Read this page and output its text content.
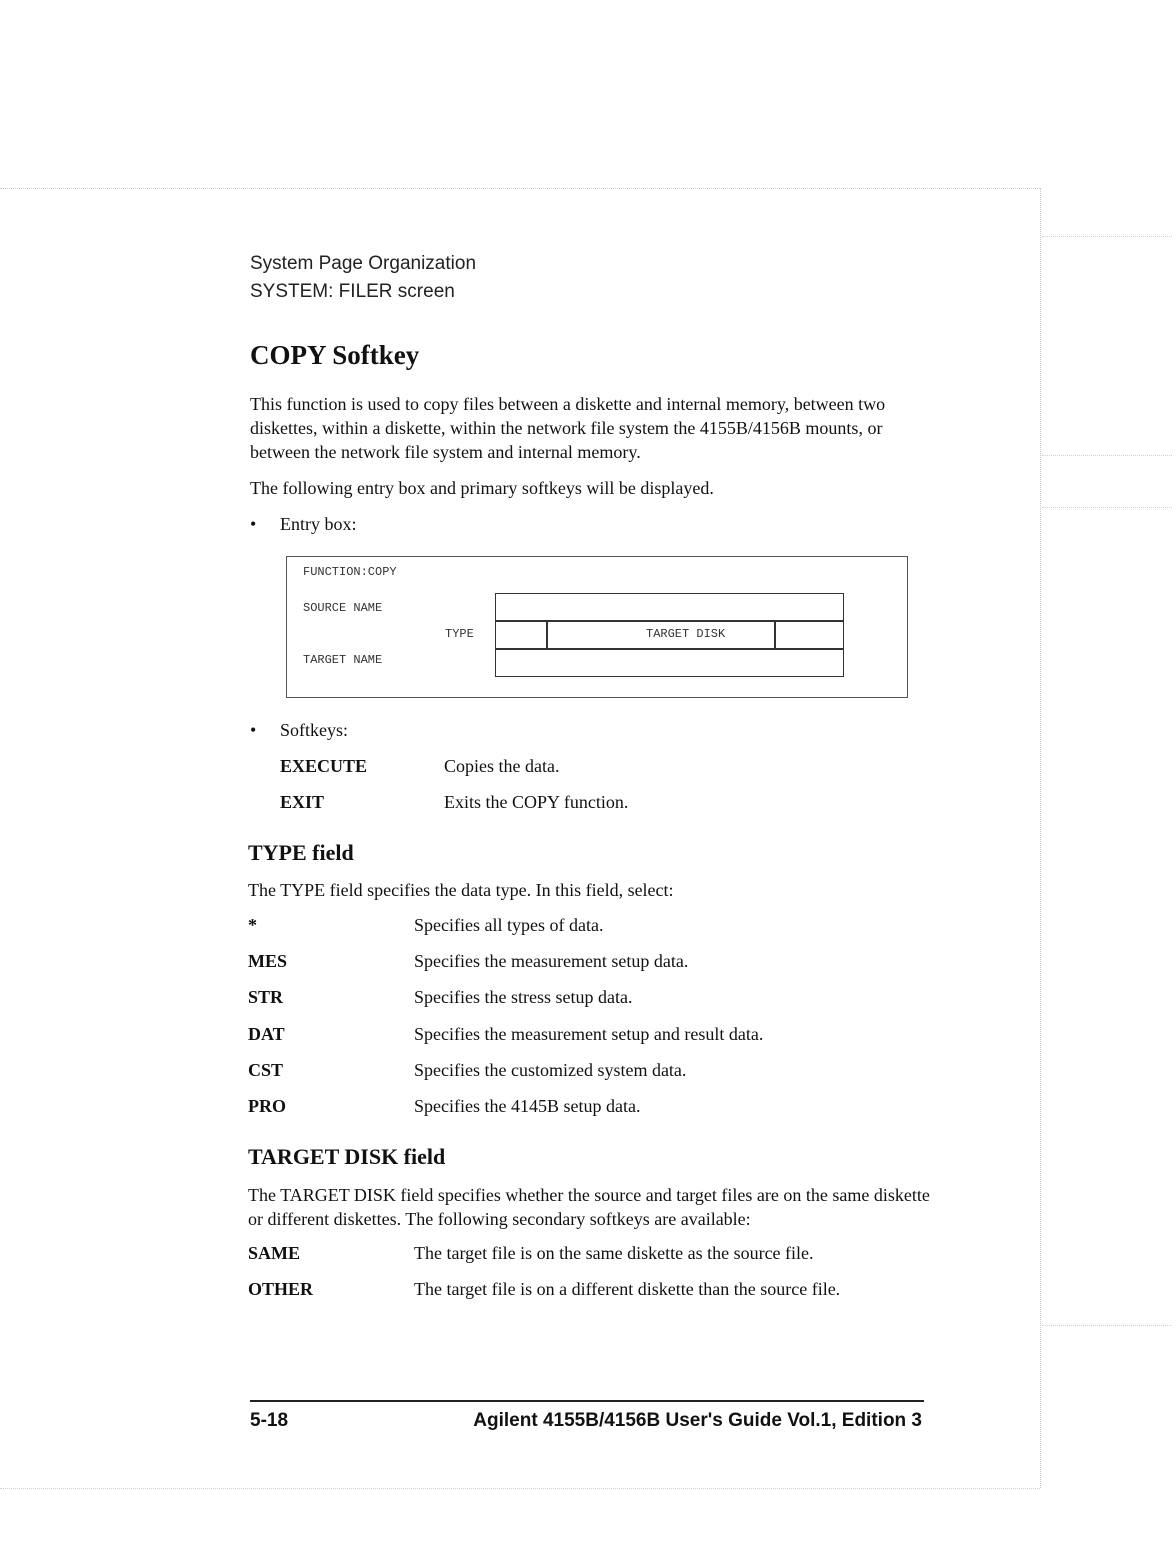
System Page Organization
SYSTEM: FILER screen
COPY Softkey

This function is used to copy files between a diskette and internal memory, between two diskettes, within a diskette, within the network file system the 4155B/4156B mounts, or between the network file system and internal memory.

The following entry box and primary softkeys will be displayed.

• Entry box:
FUNCTION:COPY
SOURCE NAME
TYPE
TARGET NAME
TARGET DISK
• Softkeys:
EXECUTE	Copies the data.
EXIT	Exits the COPY function.
TYPE field

The TYPE field specifies the data type. In this field, select:

*	Specifies all types of data.
MES	Specifies the measurement setup data.
STR	Specifies the stress setup data.
DAT	Specifies the measurement setup and result data.
CST	Specifies the customized system data.
PRO	Specifies the 4145B setup data.
TARGET DISK field

The TARGET DISK field specifies whether the source and target files are on the same diskette or different diskettes. The following secondary softkeys are available:

SAME	The target file is on the same diskette as the source file.
OTHER	The target file is on a different diskette than the source file.
5-18	Agilent 4155B/4156B User's Guide Vol.1, Edition 3
